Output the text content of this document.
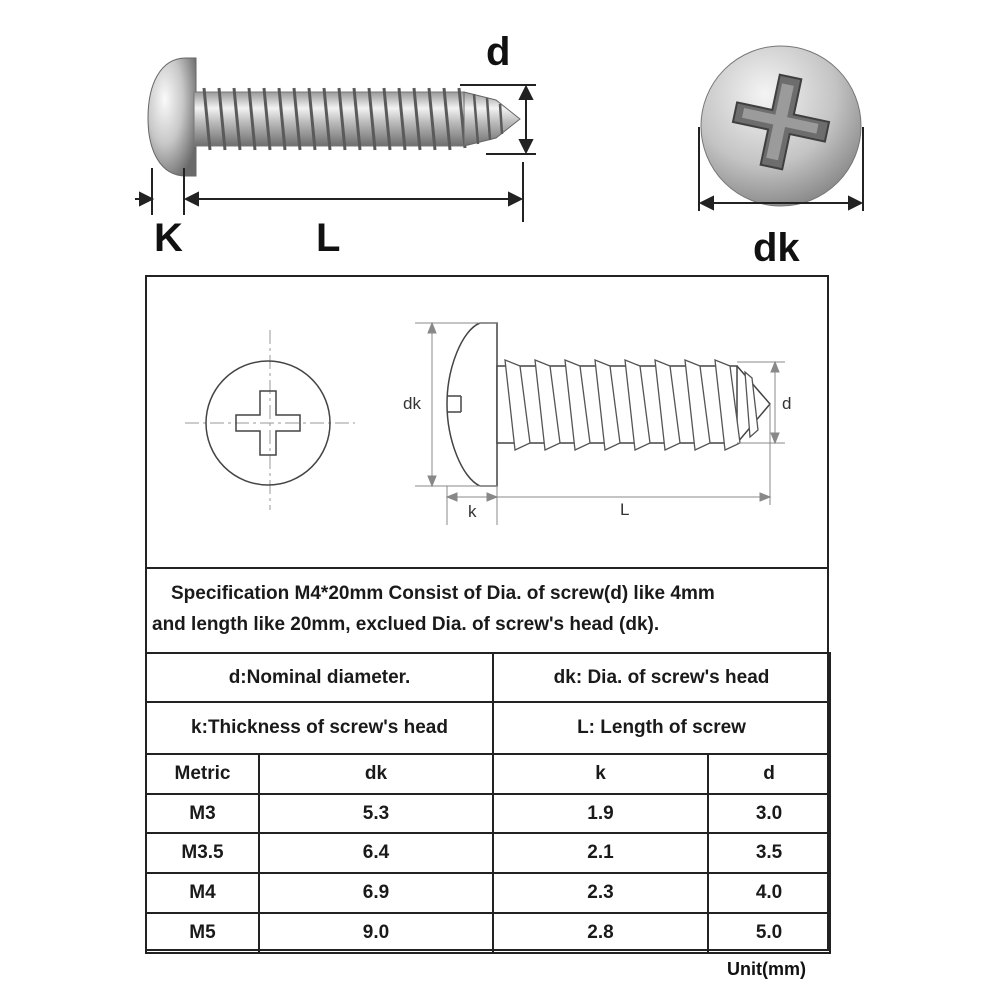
d
K	L	dk
dk	d
k	L
Specification M4*20mm Consist of Dia. of screw(d) like 4mm
and length like 20mm, exclued Dia. of screw's head (dk).
d:Nominal diameter.		dk: Dia. of screw's head	
k:Thickness of screw's head		L: Length of screw	
Metric	dk	k	d
M3	5.3	1.9	3.0
M3.5	6.4	2.1	3.5
M4	6.9	2.3	4.0
M5	9.0	2.8	5.0
Unit(mm)
